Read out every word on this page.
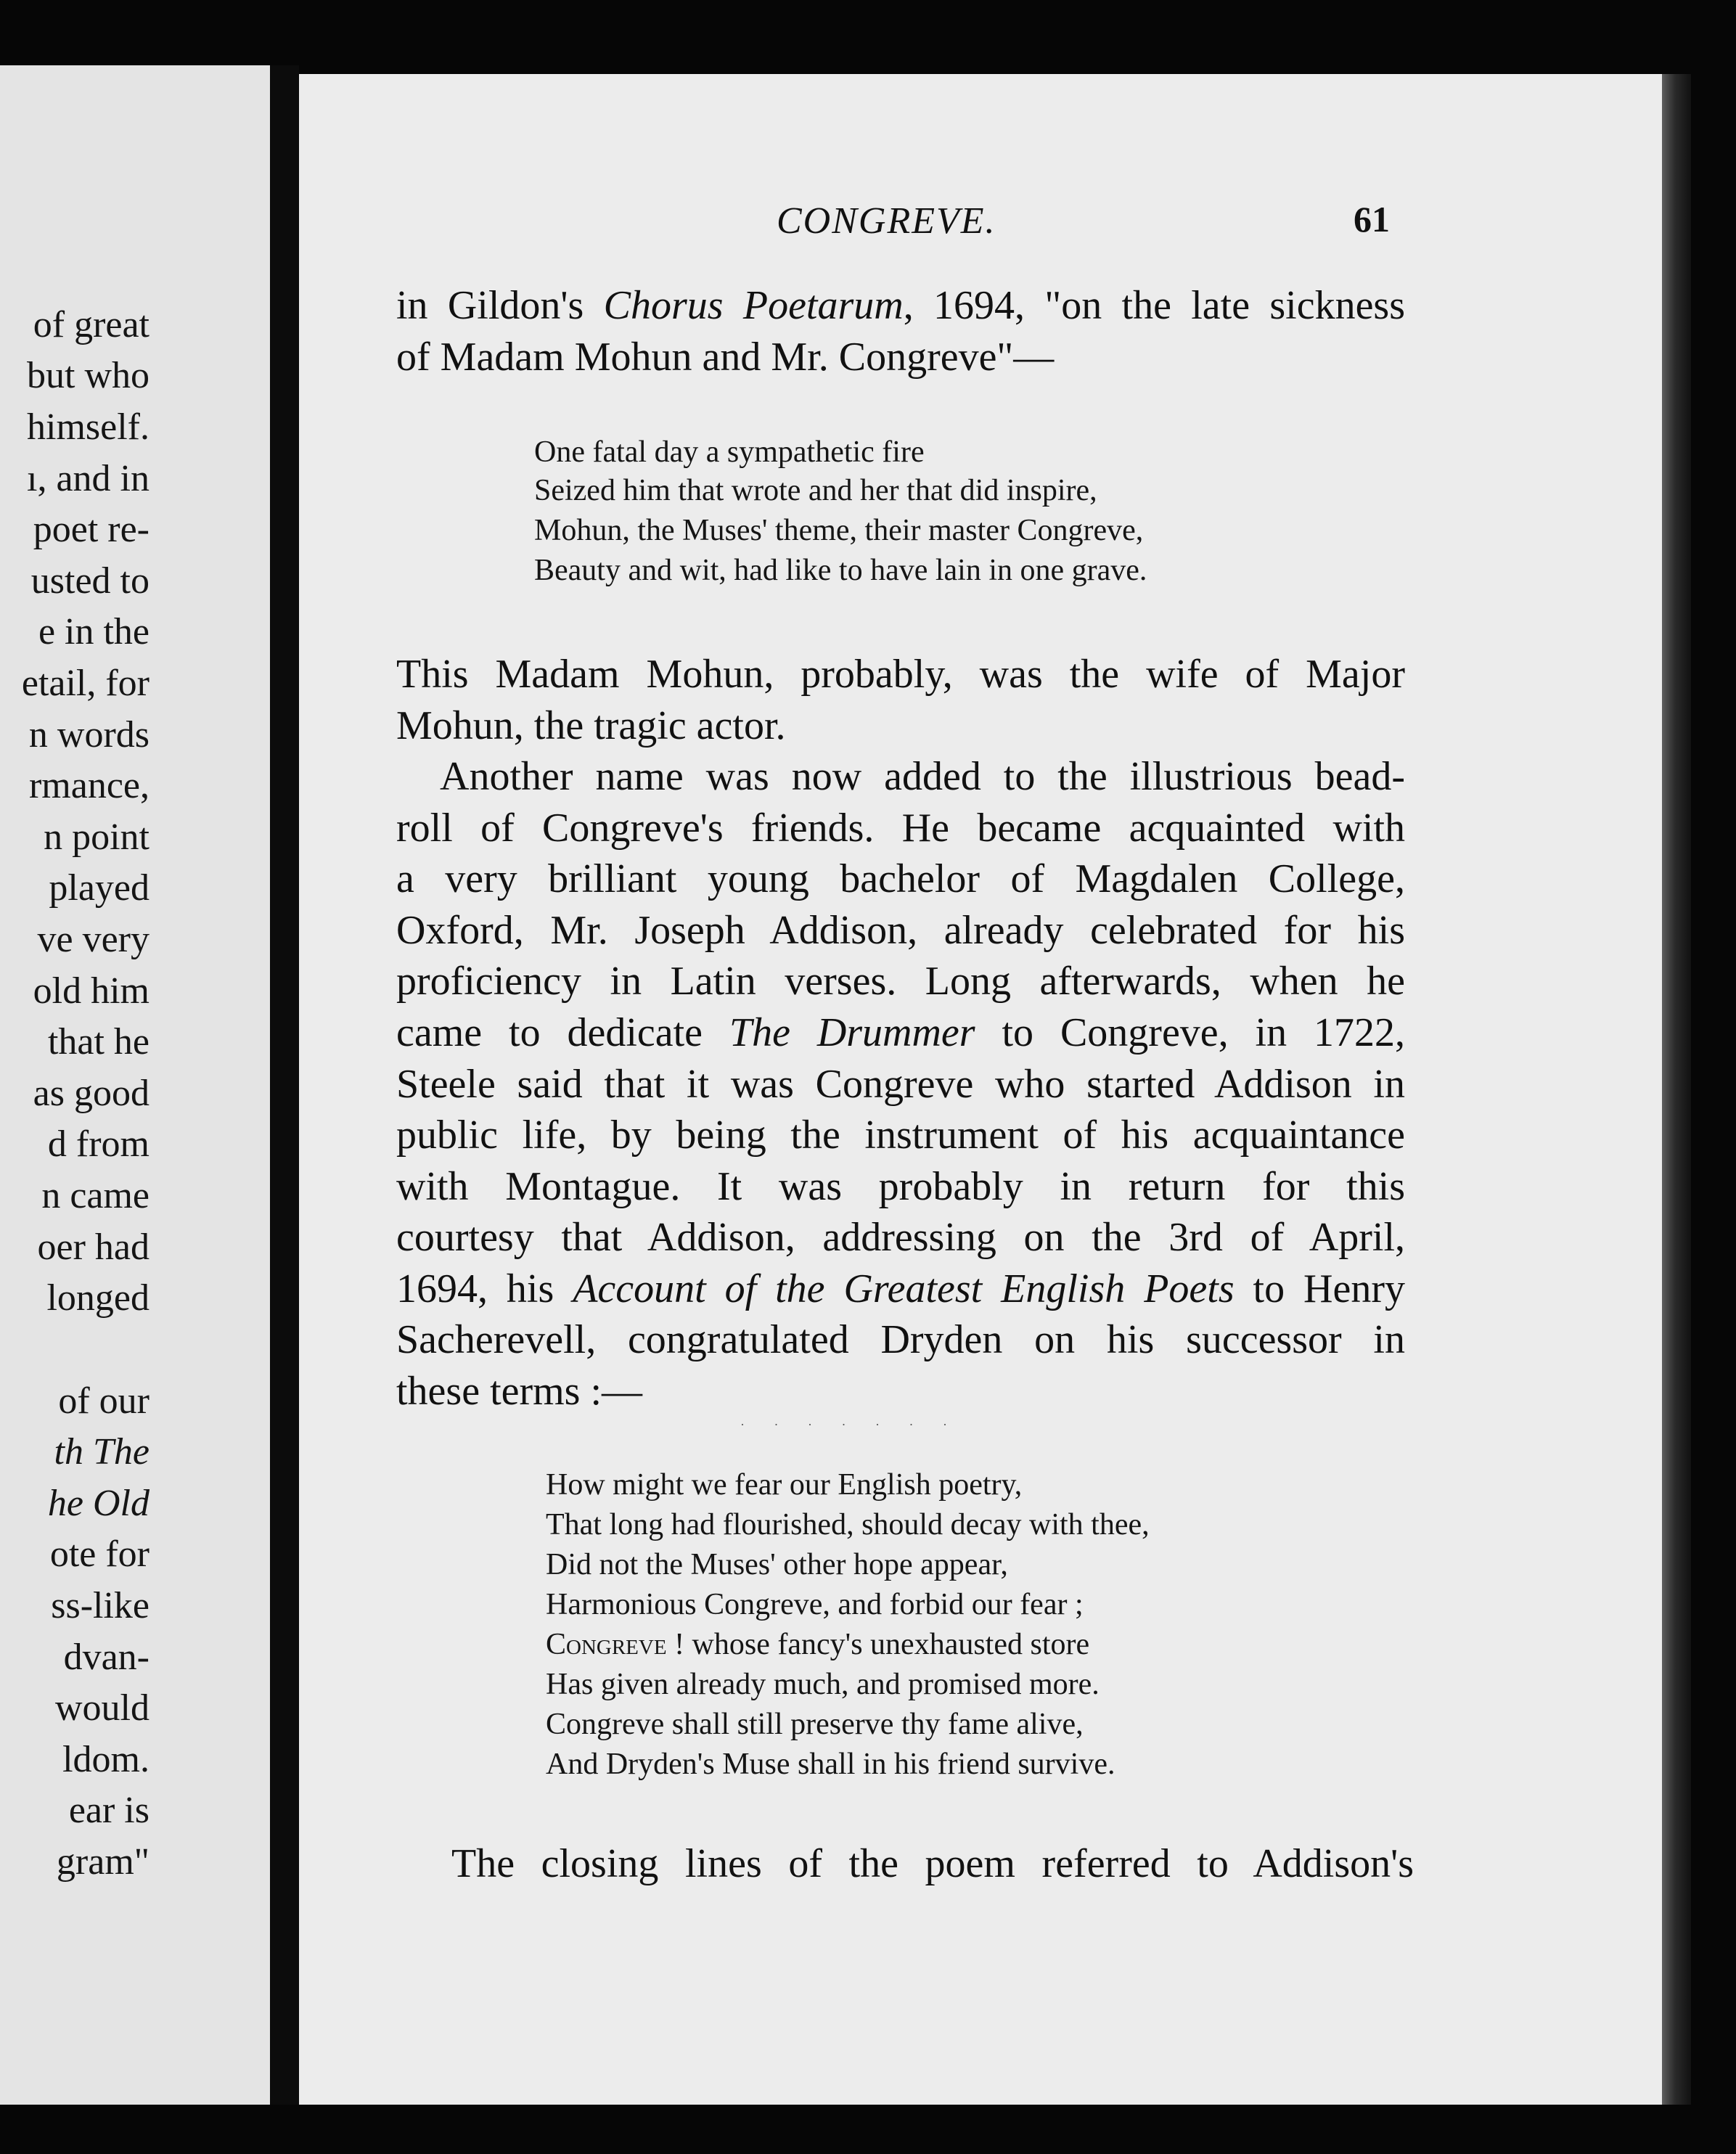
of great
but who
himself.
ı, and in
poet re-
usted to
e in the
etail, for
n words
rmance,
n point
played
ve very
old him
that he
as good
d from
n came
oer had
longed
of our
th The
he Old
ote for
ss-like
dvan-
would
ldom.
ear is
gram"
CONGREVE.	61
in Gildon's Chorus Poetarum, 1694, "on the late sickness
of Madam Mohun and Mr. Congreve"—
One fatal day a sympathetic fire
Seized him that wrote and her that did inspire,
Mohun, the Muses' theme, their master Congreve,
Beauty and wit, had like to have lain in one grave.
This Madam Mohun, probably, was the wife of Major
Mohun, the tragic actor.
Another name was now added to the illustrious bead-
roll of Congreve's friends. He became acquainted with
a very brilliant young bachelor of Magdalen College,
Oxford, Mr. Joseph Addison, already celebrated for his
proficiency in Latin verses. Long afterwards, when he
came to dedicate The Drummer to Congreve, in 1722,
Steele said that it was Congreve who started Addison in
public life, by being the instrument of his acquaintance
with Montague. It was probably in return for this
courtesy that Addison, addressing on the 3rd of April,
1694, his Account of the Greatest English Poets to Henry
Sacherevell, congratulated Dryden on his successor in
these terms :—
· · · · · · ·
How might we fear our English poetry,
That long had flourished, should decay with thee,
Did not the Muses' other hope appear,
Harmonious Congreve, and forbid our fear ;
Congreve ! whose fancy's unexhausted store
Has given already much, and promised more.
Congreve shall still preserve thy fame alive,
And Dryden's Muse shall in his friend survive.
The closing lines of the poem referred to Addison's
